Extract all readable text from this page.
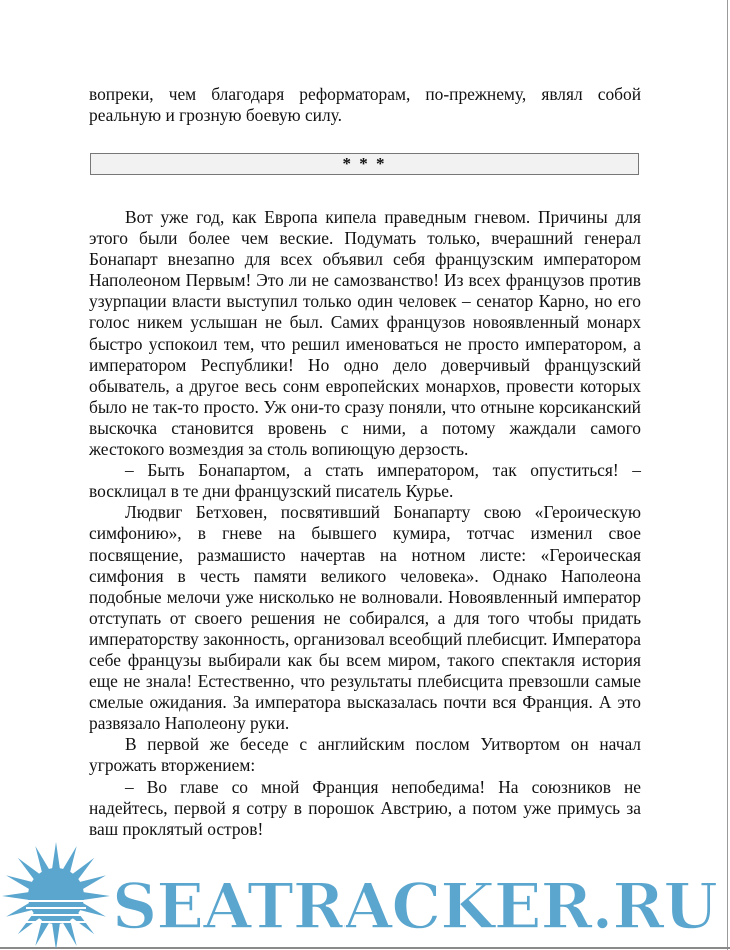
вопреки, чем благодаря реформаторам, по-прежнему, являл собой реальную и грозную боевую силу.

* * *

Вот уже год, как Европа кипела праведным гневом. Причины для этого были более чем веские. Подумать только, вчерашний генерал Бонапарт внезапно для всех объявил себя французским императором Наполеоном Первым! Это ли не самозванство! Из всех французов против узурпации власти выступил только один человек – сенатор Карно, но его голос никем услышан не был. Самих французов новоявленный монарх быстро успокоил тем, что решил именоваться не просто императором, а императором Республики! Но одно дело доверчивый французский обыватель, а другое весь сонм европейских монархов, провести которых было не так-то просто. Уж они-то сразу поняли, что отныне корсиканский выскочка становится вровень с ними, а потому жаждали самого жестокого возмездия за столь вопиющую дерзость.

– Быть Бонапартом, а стать императором, так опуститься! – восклицал в те дни французский писатель Курье.

Людвиг Бетховен, посвятивший Бонапарту свою «Героическую симфонию», в гневе на бывшего кумира, тотчас изменил свое посвящение, размашисто начертав на нотном листе: «Героическая симфония в честь памяти великого человека». Однако Наполеона подобные мелочи уже нисколько не волновали. Новоявленный император отступать от своего решения не собирался, а для того чтобы придать императорству законность, организовал всеобщий плебисцит. Императора себе французы выбирали как бы всем миром, такого спектакля история еще не знала! Естественно, что результаты плебисцита превзошли самые смелые ожидания. За императора высказалась почти вся Франция. А это развязало Наполеону руки.

В первой же беседе с английским послом Уитвортом он начал угрожать вторжением:

– Во главе со мной Франция непобедима! На союзников не надейтесь, первой я сотру в порошок Австрию, а потом уже примусь за ваш проклятый остров!

SEATRACKER.RU
